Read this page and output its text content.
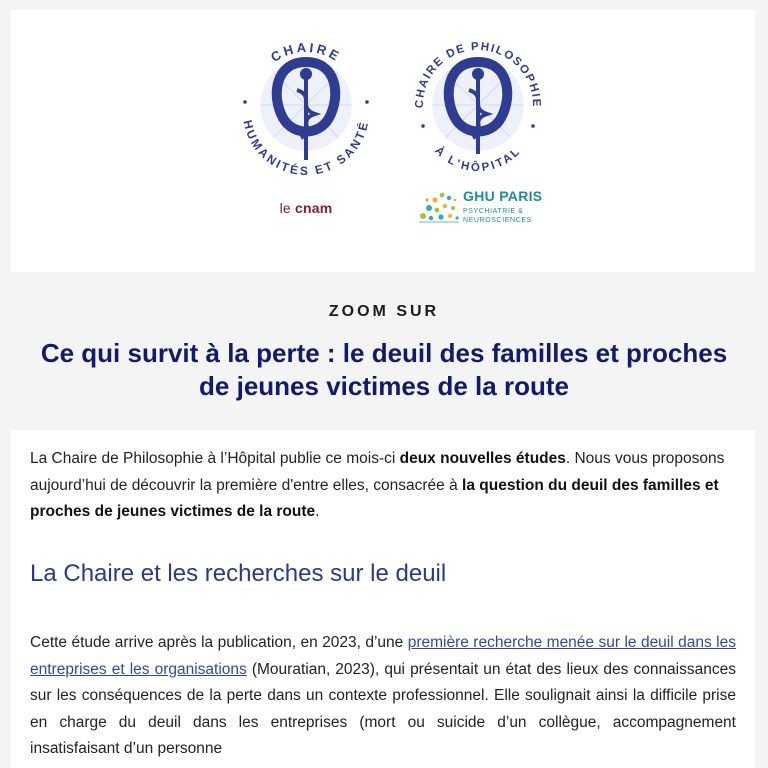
CHAIRE
HUMANITÉS ET SANTÉ
le cnam
CHAIRE DE PHILOSOPHIE
À L'HÔPITAL
GHU PARIS
PSYCHIATRIE &
NEUROSCIENCES
ZOOM SUR
Ce qui survit à la perte : le deuil des familles et proches de jeunes victimes de la route

La Chaire de Philosophie à l’Hôpital publie ce mois-ci deux nouvelles études. Nous vous proposons aujourd’hui de découvrir la première d'entre elles, consacrée à la question du deuil des familles et proches de jeunes victimes de la route.

La Chaire et les recherches sur le deuil

Cette étude arrive après la publication, en 2023, d’une première recherche menée sur le deuil dans les entreprises et les organisations (Mouratian, 2023), qui présentait un état des lieux des connaissances sur les conséquences de la perte dans un contexte professionnel. Elle soulignait ainsi la difficile prise en charge du deuil dans les entreprises (mort ou suicide d’un collègue, accompagnement insatisfaisant d’un personne
